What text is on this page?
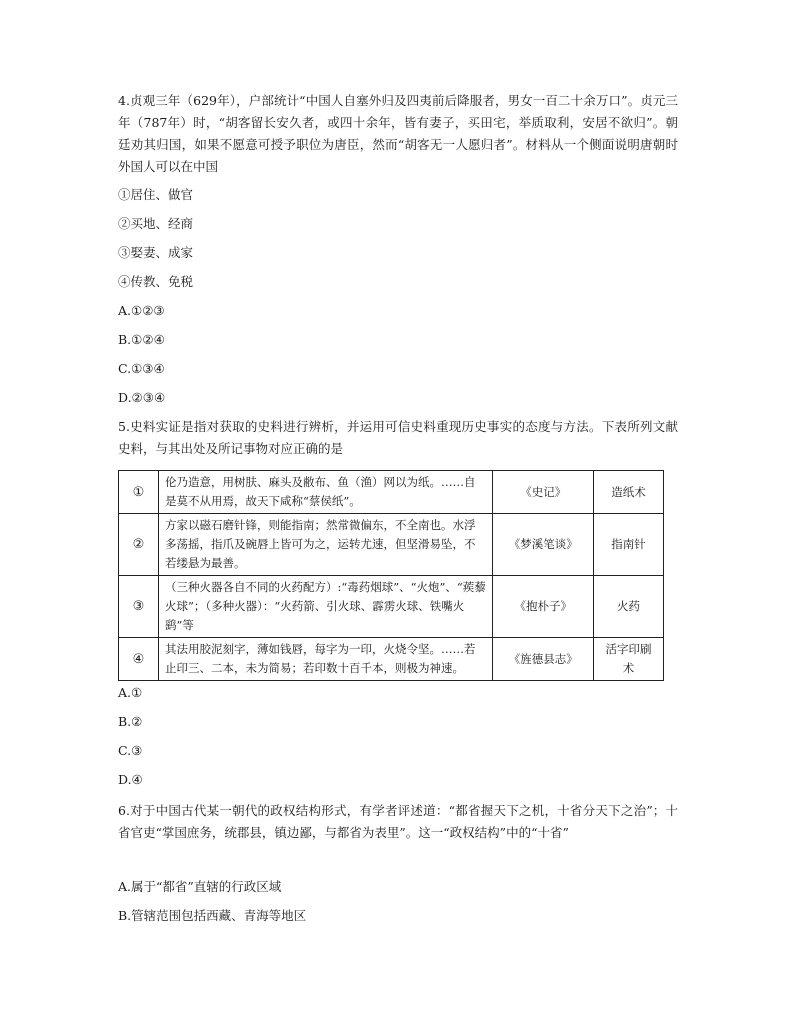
4.贞观三年（629年），户部统计“中国人自塞外归及四夷前后降服者，男女一百二十余万口”。贞元三年（787年）时，“胡客留长安久者，或四十余年，皆有妻子，买田宅，举质取利，安居不欲归”。朝廷劝其归国，如果不愿意可授予职位为唐臣，然而“胡客无一人愿归者”。材料从一个侧面说明唐朝时外国人可以在中国

①居住、做官

②买地、经商

③娶妻、成家

④传教、免税

A.①②③

B.①②④

C.①③④

D.②③④

5.史料实证是指对获取的史料进行辨析，并运用可信史料重现历史事实的态度与方法。下表所列文献史料，与其出处及所记事物对应正确的是

①	伦乃造意，用树肤、麻头及敝布、鱼（渔）网以为纸。……自是莫不从用焉，故天下咸称“蔡侯纸”。	《史记》	造纸术
②	方家以磁石磨针锋，则能指南；然常微偏东，不全南也。水浮多荡摇，指爪及碗唇上皆可为之，运转尤速，但坚滑易坠，不若缕悬为最善。	《梦溪笔谈》	指南针
③	（三种火器各自不同的火药配方）:“毒药烟球”、“火炮”、“蒺藜火球”；（多种火器）：“火药箭、引火球、霹雳火球、铁嘴火鹞”等	《抱朴子》	火药
④	其法用胶泥刻字，薄如钱唇，每字为一印，火烧令坚。……若止印三、二本，未为简易；若印数十百千本，则极为神速。	《旌德县志》	活字印刷术

A.①

B.②

C.③

D.④

6.对于中国古代某一朝代的政权结构形式，有学者评述道：“都省握天下之机，十省分天下之治”；十省官吏“掌国庶务，统郡县，镇边鄙，与都省为表里”。这一“政权结构”中的“十省”

A.属于“都省”直辖的行政区域

B.管辖范围包括西藏、青海等地区
